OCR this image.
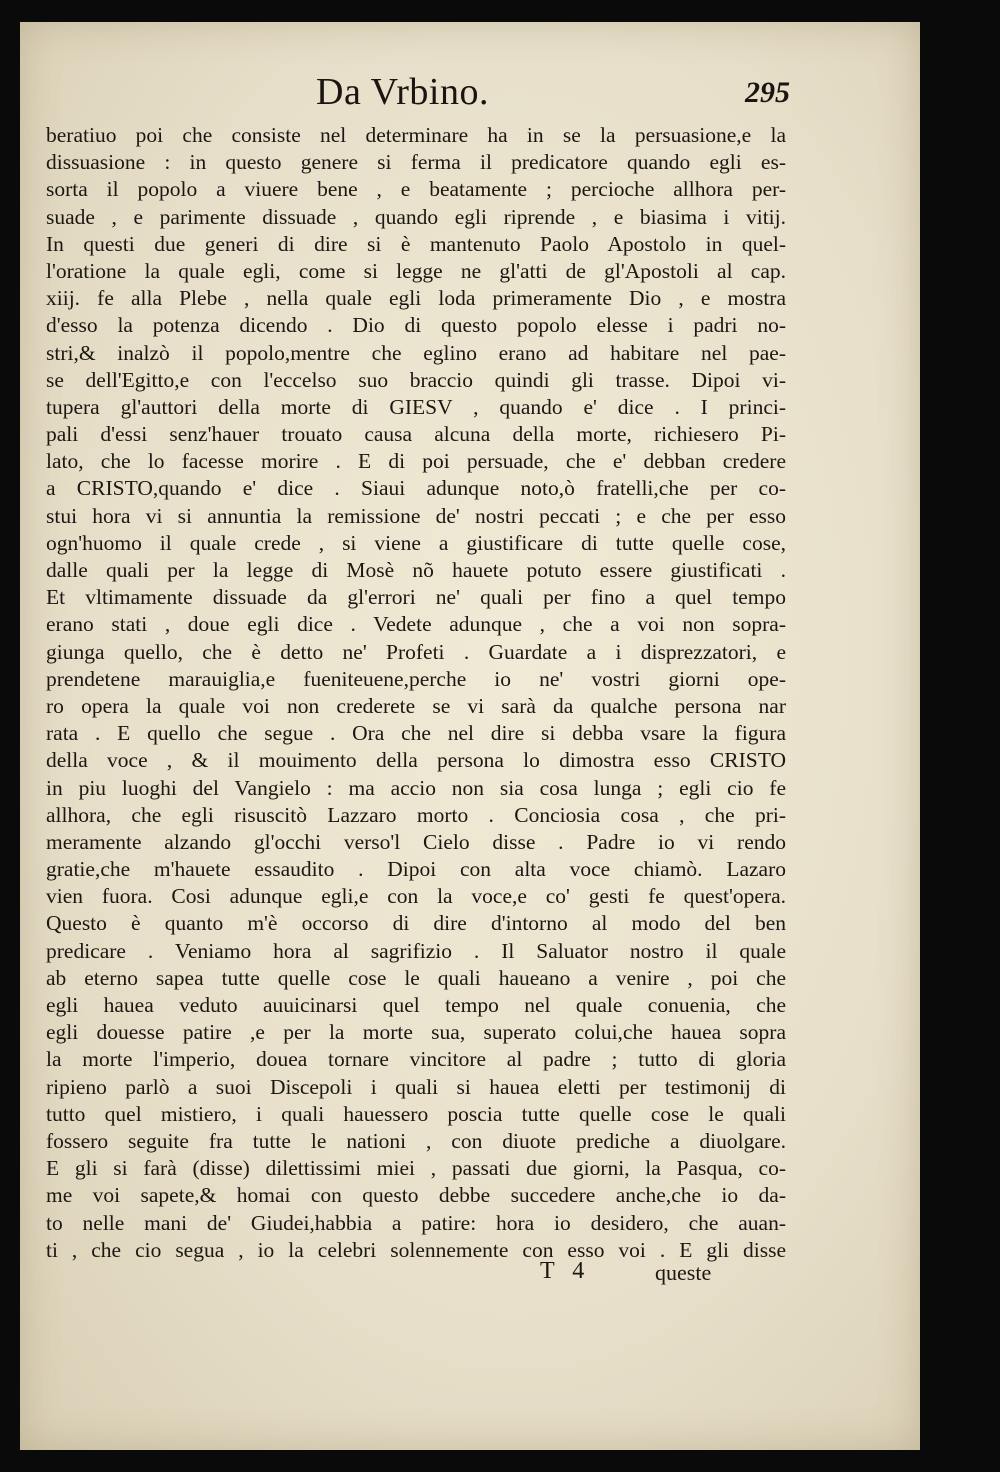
Da Vrbino.	295
beratiuo poi che consiste nel determinare ha in se la persuasione,e la
dissuasione : in questo genere si ferma il predicatore quando egli es-
sorta il popolo a viuere bene , e beatamente ; percioche allhora per-
suade , e parimente dissuade , quando egli riprende , e biasima i vitij.
In questi due generi di dire si è mantenuto Paolo Apostolo in quel-
l'oratione la quale egli, come si legge ne gl'atti de gl'Apostoli al cap.
xiij. fe alla Plebe , nella quale egli loda primeramente Dio , e mostra
d'esso la potenza dicendo . Dio di questo popolo elesse i padri no-
stri,& inalzò il popolo,mentre che eglino erano ad habitare nel pae-
se dell'Egitto,e con l'eccelso suo braccio quindi gli trasse. Dipoi vi-
tupera gl'auttori della morte di GIESV , quando e' dice . I princi-
pali d'essi senz'hauer trouato causa alcuna della morte, richiesero Pi-
lato, che lo facesse morire . E di poi persuade, che e' debban credere
a CRISTO,quando e' dice . Siaui adunque noto,ò fratelli,che per co-
stui hora vi si annuntia la remissione de' nostri peccati ; e che per esso
ogn'huomo il quale crede , si viene a giustificare di tutte quelle cose,
dalle quali per la legge di Mosè nõ hauete potuto essere giustificati .
Et vltimamente dissuade da gl'errori ne' quali per fino a quel tempo
erano stati , doue egli dice . Vedete adunque , che a voi non sopra-
giunga quello, che è detto ne' Profeti . Guardate a i disprezzatori, e
prendetene marauiglia,e fueniteuene,perche io ne' vostri giorni ope-
ro opera la quale voi non crederete se vi sarà da qualche persona nar
rata . E quello che segue . Ora che nel dire si debba vsare la figura
della voce , & il mouimento della persona lo dimostra esso CRISTO
in piu luoghi del Vangielo : ma accio non sia cosa lunga ; egli cio fe
allhora, che egli risuscitò Lazzaro morto . Conciosia cosa , che pri-
meramente alzando gl'occhi verso'l Cielo disse . Padre io vi rendo
gratie,che m'hauete essaudito . Dipoi con alta voce chiamò. Lazaro
vien fuora. Cosi adunque egli,e con la voce,e co' gesti fe quest'opera.
Questo è quanto m'è occorso di dire d'intorno al modo del ben
predicare . Veniamo hora al sagrifizio . Il Saluator nostro il quale
ab eterno sapea tutte quelle cose le quali haueano a venire , poi che
egli hauea veduto auuicinarsi quel tempo nel quale conuenia, che
egli douesse patire ,e per la morte sua, superato colui,che hauea sopra
la morte l'imperio, douea tornare vincitore al padre ; tutto di gloria
ripieno parlò a suoi Discepoli i quali si hauea eletti per testimonij di
tutto quel mistiero, i quali hauessero poscia tutte quelle cose le quali
fossero seguite fra tutte le nationi , con diuote prediche a diuolgare.
E gli si farà (disse) dilettissimi miei , passati due giorni, la Pasqua, co-
me voi sapete,& homai con questo debbe succedere anche,che io da-
to nelle mani de' Giudei,habbia a patire: hora io desidero, che auan-
ti , che cio segua , io la celebri solennemente con esso voi . E gli disse
T 4	queste
